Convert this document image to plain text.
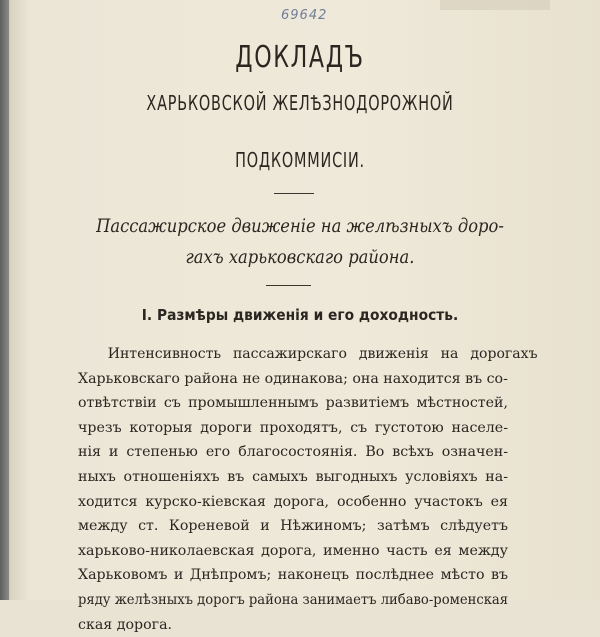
69642
ДОКЛАДЪ
ХАРЬКОВСКОЙ ЖЕЛѢЗНОДОРОЖНОЙ
ПОДКОММИСІИ.
Пассажирское движеніе на желѣзныхъ доро-
гахъ харьковскаго района.
I. Размѣры движенія и его доходность.
Интенсивность пассажирскаго движенія на дорогахъ
Харьковскаго района не одинакова; она находится въ со-
отвѣтствіи съ промышленнымъ развитіемъ мѣстностей,
чрезъ которыя дороги проходятъ, съ густотою населе-
нія и степенью его благосостоянія. Во всѣхъ означен-
ныхъ отношеніяхъ въ самыхъ выгодныхъ условіяхъ на-
ходится курско-кіевская дорога, особенно участокъ ея
между ст. Кореневой и Нѣжиномъ; затѣмъ слѣдуетъ
харьково-николаевская дорога, именно часть ея между
Харьковомъ и Днѣпромъ; наконецъ послѣднее мѣсто въ
ряду желѣзныхъ дорогъ района занимаетъ либаво-роменская
ская дорога.
